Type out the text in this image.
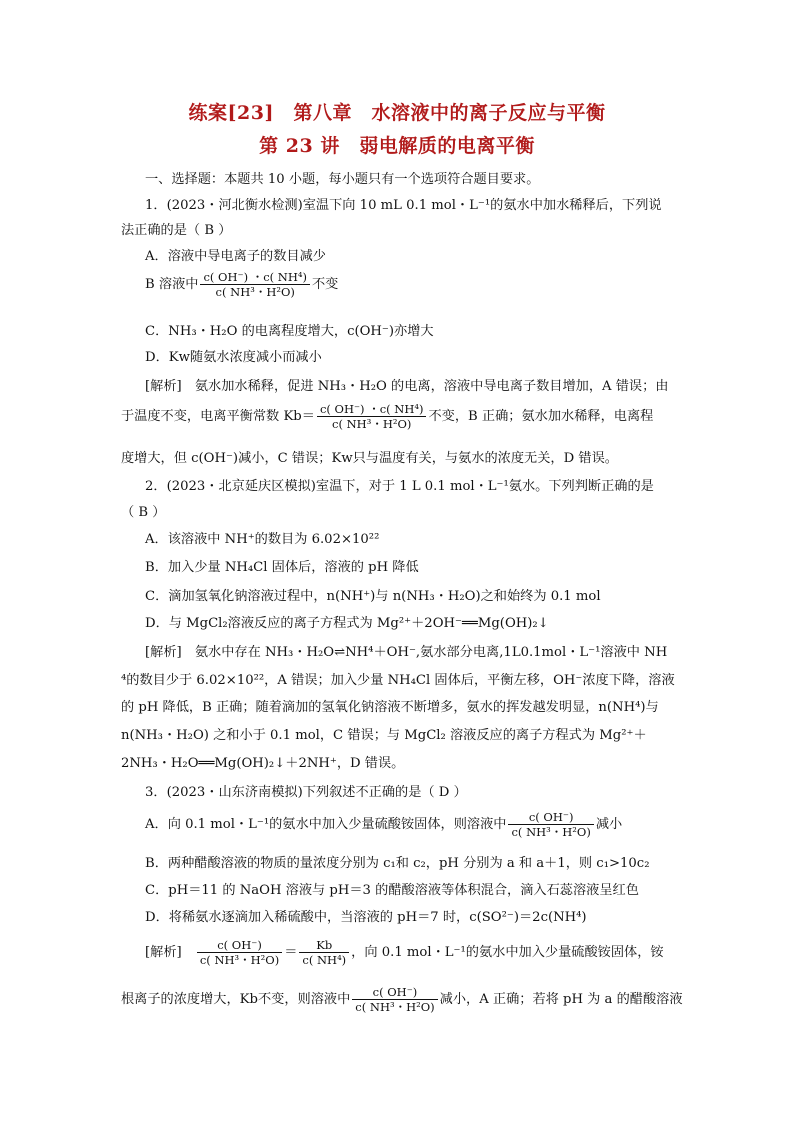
练案[23]　第八章　水溶液中的离子反应与平衡
第 23 讲　弱电解质的电离平衡
一、选择题：本题共 10 小题，每小题只有一个选项符合题目要求。
1．(2023・河北衡水检测)室温下向 10 mL 0.1 mol・L⁻¹的氨水中加水稀释后，下列说
法正确的是（ B ）
A．溶液中导电离子的数目减少
B 溶液中 $\frac{\text{c( OH⁻) ・c( NH⁴)}}{\text{c( NH³・H²O)}}$ 不变
C．NH₃・H₂O 的电离程度增大，c(OH⁻)亦增大
D．Kw随氨水浓度减小而减小
[解析]　氨水加水稀释，促进 NH₃・H₂O 的电离，溶液中导电离子数目增加，A 错误；由
于温度不变，电离平衡常数 $Kb= \frac{\text{c( OH⁻) ・c( NH⁴)}}{\text{c( NH³・H²O)}}$ 不变，B 正确；氨水加水稀释，电离程
度增大，但 c(OH⁻)减小，C 错误；Kw只与温度有关，与氨水的浓度无关，D 错误。
2．(2023・北京延庆区模拟)室温下，对于 1 L 0.1 mol・L⁻¹氨水。下列判断正确的是
（ B ）
A．该溶液中 NH⁺的数目为 6.02×10²²
B．加入少量 NH₄Cl 固体后，溶液的 pH 降低
C．滴加氢氧化钠溶液过程中，n(NH⁺)与 n(NH₃・H₂O)之和始终为 0.1 mol
D．与 MgCl₂溶液反应的离子方程式为 Mg²⁺＋2OH⁻══Mg(OH)₂↓
[解析]　氨水中存在 NH₃・H₂O⇌NH⁴＋OH⁻,氨水部分电离,1L0.1mol・L⁻¹溶液中 NH
⁴的数目少于 6.02×10²²，A 错误；加入少量 NH₄Cl 固体后，平衡左移，OH⁻浓度下降，溶液
的 pH 降低，B 正确；随着滴加的氢氧化钠溶液不断增多，氨水的挥发越发明显，n(NH⁴)与
n(NH₃・H₂O) 之和小于 0.1 mol，C 错误；与 MgCl₂ 溶液反应的离子方程式为 Mg²⁺＋
2NH₃・H₂O══Mg(OH)₂↓＋2NH⁺，D 错误。
3．(2023・山东济南模拟)下列叙述不正确的是（ D ）
A．向 0.1 mol・L⁻¹的氨水中加入少量硫酸铵固体，则溶液中 $\frac{c( OH^-)}{\text{c( NH³・H²O)}}$ 减小
B．两种醋酸溶液的物质的量浓度分别为 c₁和 c₂，pH 分别为 a 和 a＋1，则 c₁>10c₂
C．pH＝11 的 NaOH 溶液与 pH＝3 的醋酸溶液等体积混合，滴入石蕊溶液呈红色
D．将稀氨水逐滴加入稀硫酸中，当溶液的 pH＝7 时，c(SO²⁻)＝2c(NH⁴)
[解析]　 $\frac{c( OH^-)}{\text{c( NH³・H²O)}} = \frac{Kb}{\text{c( NH⁴)}}$ ，向 0.1 mol・L⁻¹的氨水中加入少量硫酸铵固体，铵
根离子的浓度增大，Kb不变，则溶液中 $\frac{c( OH^-)}{\text{c( NH³・H²O)}}$ 减小，A 正确；若将 pH 为 a 的醋酸溶液
